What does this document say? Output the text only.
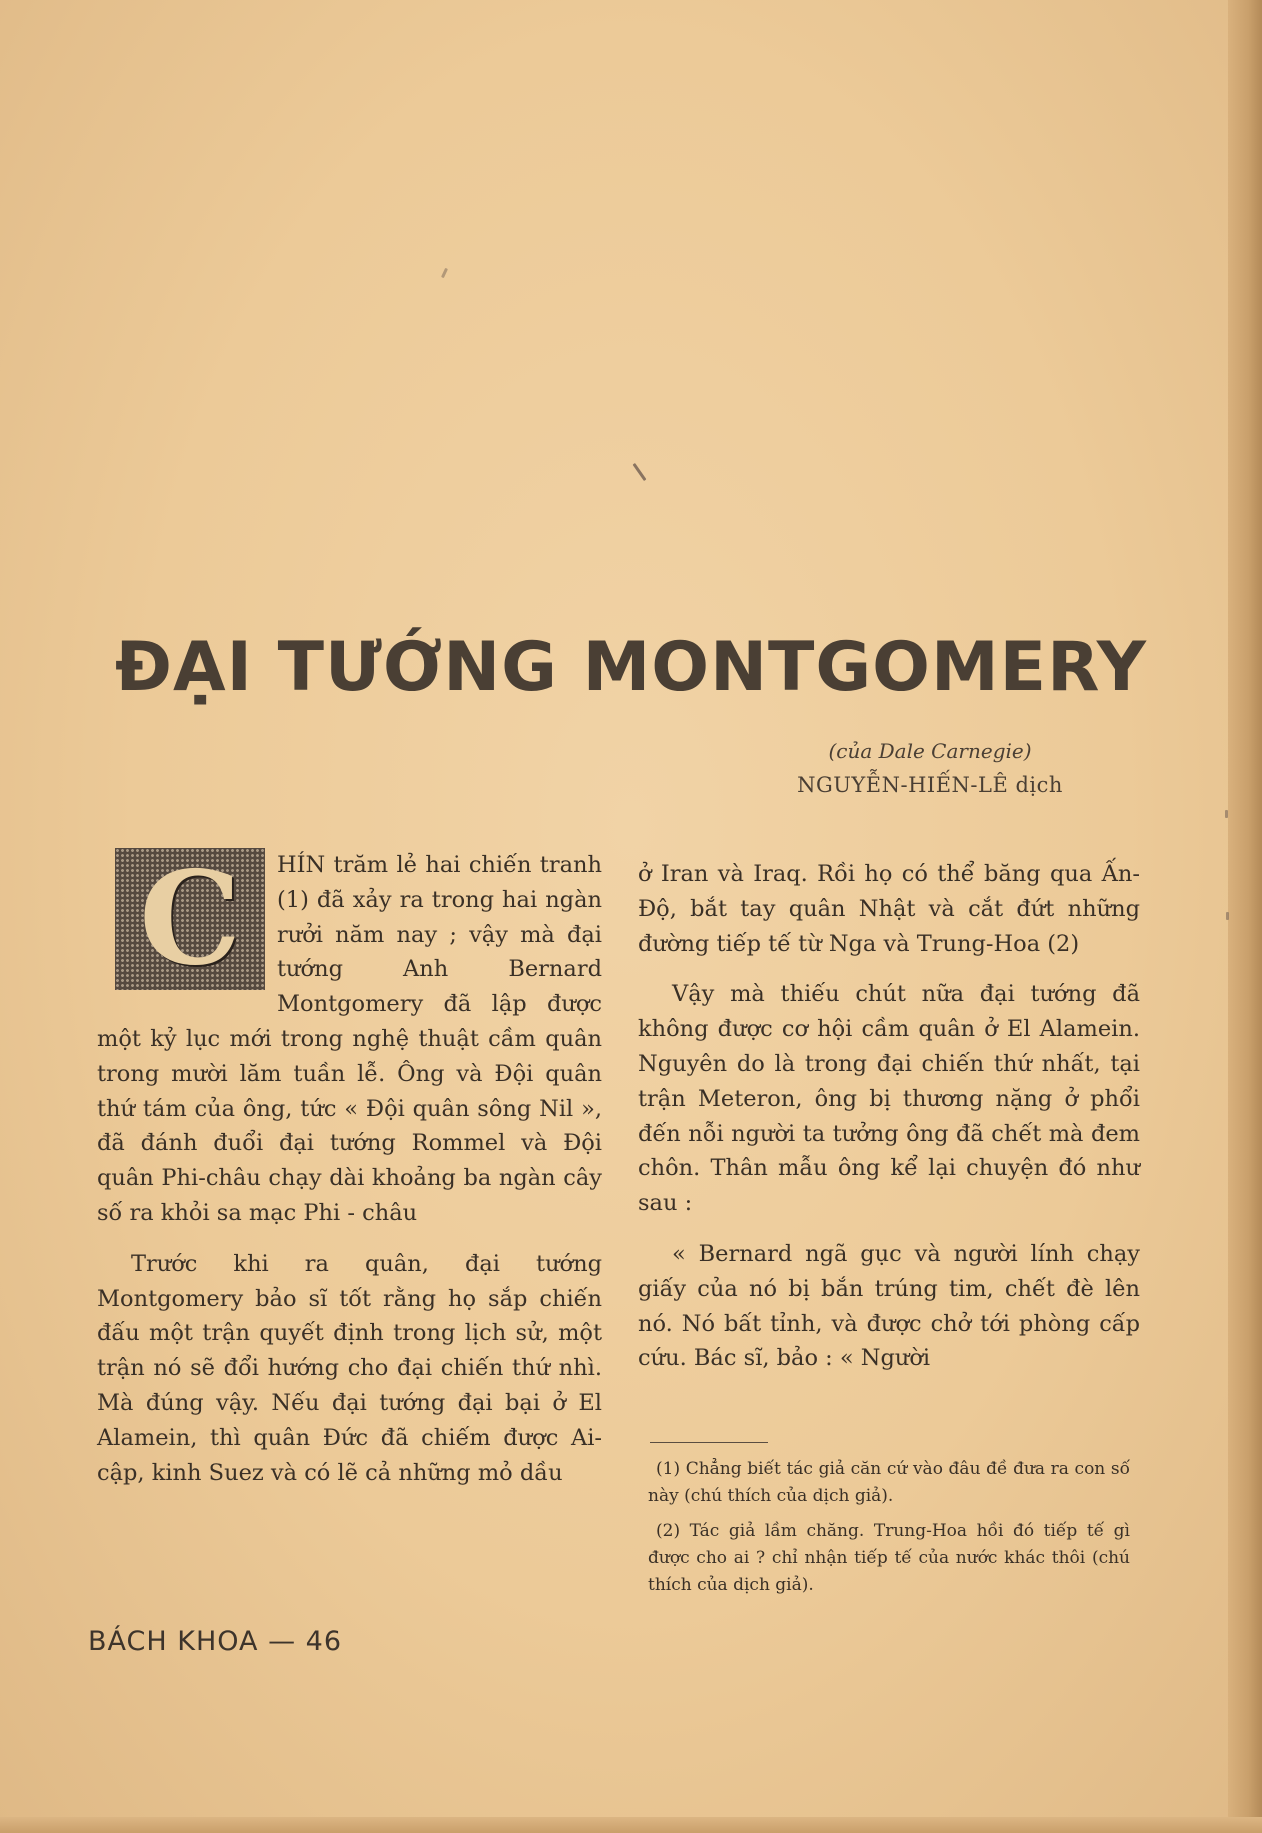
ĐẠI TƯỚNG MONTGOMERY
(của Dale Carnegie)
NGUYỄN-HIẾN-LÊ dịch
C	HÍN trăm lẻ hai chiến tranh (1) đã xảy ra trong hai ngàn rưởi năm nay ; vậy mà đại tướng Anh Bernard Montgomery đã lập được một kỷ lục mới trong nghệ thuật cầm quân trong mười lăm tuần lễ. Ông và Đội quân thứ tám của ông, tức « Đội quân sông Nil », đã đánh đuổi đại tướng Rommel và Đội quân Phi-châu chạy dài khoảng ba ngàn cây số ra khỏi sa mạc Phi - châu

Trước khi ra quân, đại tướng Montgomery bảo sĩ tốt rằng họ sắp chiến đấu một trận quyết định trong lịch sử, một trận nó sẽ đổi hướng cho đại chiến thứ nhì. Mà đúng vậy. Nếu đại tướng đại bại ở El Alamein, thì quân Đức đã chiếm được Ai-cập, kinh Suez và có lẽ cả những mỏ dầu

ở Iran và Iraq. Rồi họ có thể băng qua Ấn-Độ, bắt tay quân Nhật và cắt đứt những đường tiếp tế từ Nga và Trung-Hoa (2)

Vậy mà thiếu chút nữa đại tướng đã không được cơ hội cầm quân ở El Alamein. Nguyên do là trong đại chiến thứ nhất, tại trận Meteron, ông bị thương nặng ở phổi đến nỗi người ta tưởng ông đã chết mà đem chôn. Thân mẫu ông kể lại chuyện đó như sau :

« Bernard ngã gục và người lính chạy giấy của nó bị bắn trúng tim, chết đè lên nó. Nó bất tỉnh, và được chở tới phòng cấp cứu. Bác sĩ, bảo : « Người

(1) Chẳng biết tác giả căn cứ vào đâu đề đưa ra con số này (chú thích của dịch giả).

(2) Tác giả lầm chăng. Trung-Hoa hồi đó tiếp tế gì được cho ai ? chỉ nhận tiếp tế của nước khác thôi (chú thích của dịch giả).

BÁCH KHOA — 46
